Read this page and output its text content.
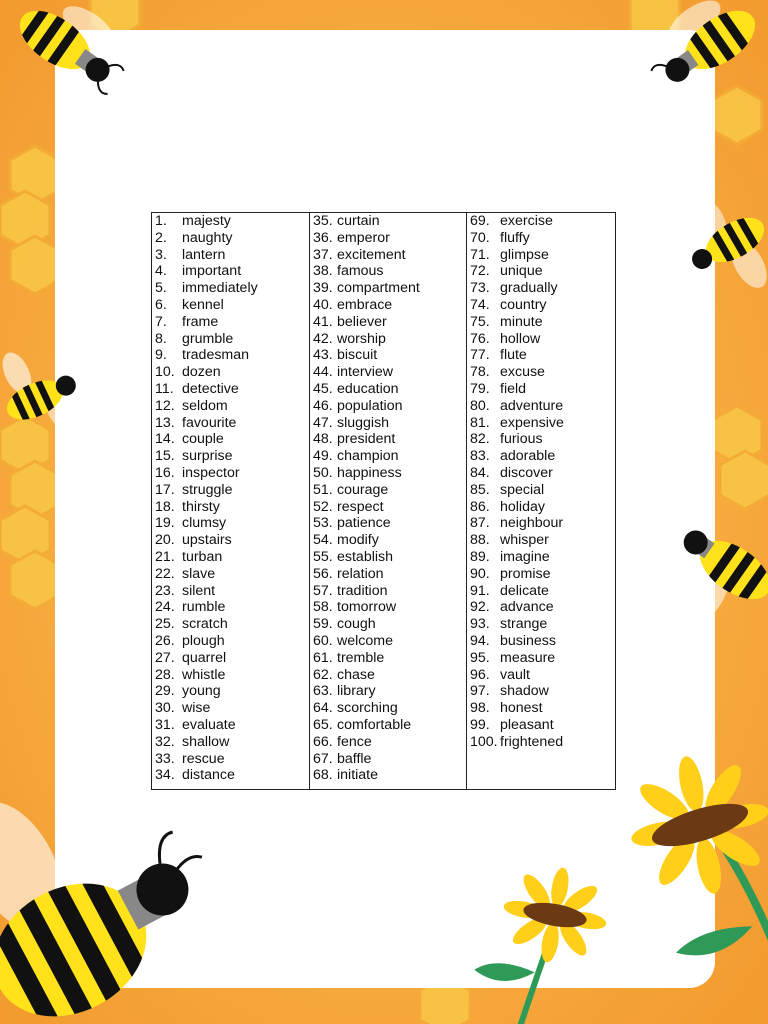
1.	majesty
2.	naughty
3.	lantern
4.	important
5.	immediately
6.	kennel
7.	frame
8.	grumble
9.	tradesman
10. dozen
11. detective
12. seldom
13. favourite
14. couple
15. surprise
16. inspector
17. struggle
18. thirsty
19. clumsy
20. upstairs
21. turban
22. slave
23. silent
24. rumble
25. scratch
26. plough
27. quarrel
28. whistle
29. young
30. wise
31. evaluate
32. shallow
33. rescue
34. distance
35. curtain
36. emperor
37. excitement
38. famous
39. compartment
40. embrace
41. believer
42. worship
43. biscuit
44. interview
45. education
46. population
47. sluggish
48. president
49. champion
50. happiness
51. courage
52. respect
53. patience
54. modify
55. establish
56. relation
57. tradition
58. tomorrow
59. cough
60. welcome
61. tremble
62. chase
63. library
64. scorching
65. comfortable
66. fence
67. baffle
68. initiate
69. exercise
70. fluffy
71. glimpse
72. unique
73. gradually
74. country
75. minute
76. hollow
77. flute
78. excuse
79. field
80. adventure
81. expensive
82. furious
83. adorable
84. discover
85. special
86. holiday
87. neighbour
88. whisper
89. imagine
90. promise
91. delicate
92. advance
93. strange
94. business
95. measure
96. vault
97. shadow
98. honest
99. pleasant
100. frightened
